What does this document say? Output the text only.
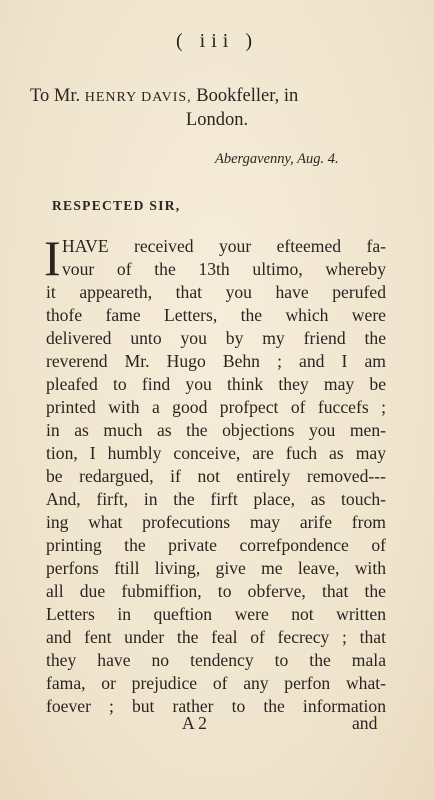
( iii )
To Mr. HENRY DAVIS, Bookfeller, in
London.
Abergavenny, Aug. 4.
RESPECTED SIR,
I HAVE received your efteemed fa-
vour of the 13th ultimo, whereby
it appeareth, that you have perufed
thofe fame Letters, the which were
delivered unto you by my friend the
reverend Mr. Hugo Behn ; and I am
pleafed to find you think they may be
printed with a good profpect of fuccefs ;
in as much as the objections you men-
tion, I humbly conceive, are fuch as may
be redargued, if not entirely removed---
And, firft, in the firft place, as touch-
ing what profecutions may arife from
printing the private correfpondence of
perfons ftill living, give me leave, with
all due fubmiffion, to obferve, that the
Letters in queftion were not written
and fent under the feal of fecrecy ; that
they have no tendency to the mala
fama, or prejudice of any perfon what-
foever ; but rather to the information
A 2	and
